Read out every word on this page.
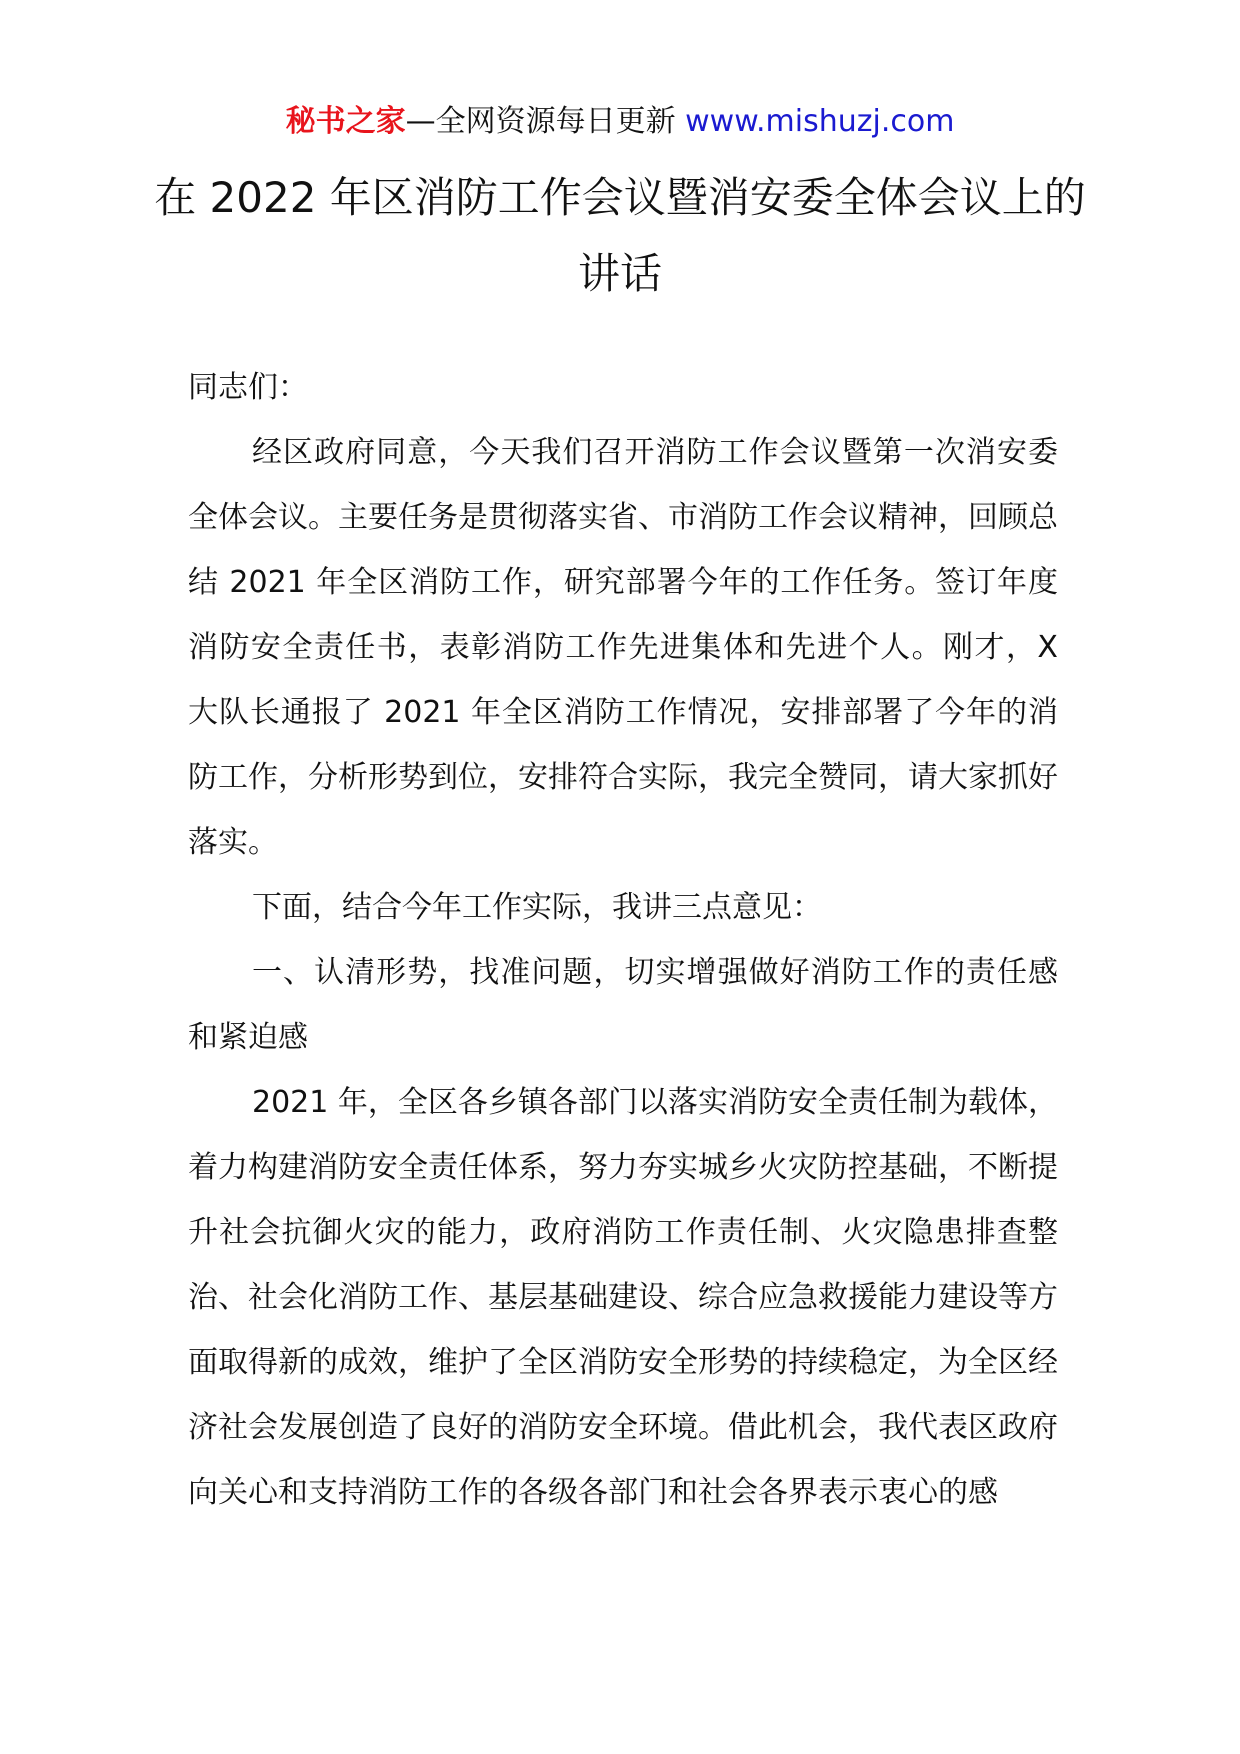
秘书之家—全网资源每日更新 www.mishuzj.com
在 2022 年区消防工作会议暨消安委全体会议上的讲话

同志们：

经区政府同意，今天我们召开消防工作会议暨第一次消安委全体会议。主要任务是贯彻落实省、市消防工作会议精神，回顾总结 2021 年全区消防工作，研究部署今年的工作任务。签订年度消防安全责任书，表彰消防工作先进集体和先进个人。刚才，X 大队长通报了 2021 年全区消防工作情况，安排部署了今年的消防工作，分析形势到位，安排符合实际，我完全赞同，请大家抓好落实。

下面，结合今年工作实际，我讲三点意见：

一、认清形势，找准问题，切实增强做好消防工作的责任感和紧迫感

2021 年，全区各乡镇各部门以落实消防安全责任制为载体，着力构建消防安全责任体系，努力夯实城乡火灾防控基础，不断提升社会抗御火灾的能力，政府消防工作责任制、火灾隐患排查整治、社会化消防工作、基层基础建设、综合应急救援能力建设等方面取得新的成效，维护了全区消防安全形势的持续稳定，为全区经济社会发展创造了良好的消防安全环境。借此机会，我代表区政府向关心和支持消防工作的各级各部门和社会各界表示衷心的感
